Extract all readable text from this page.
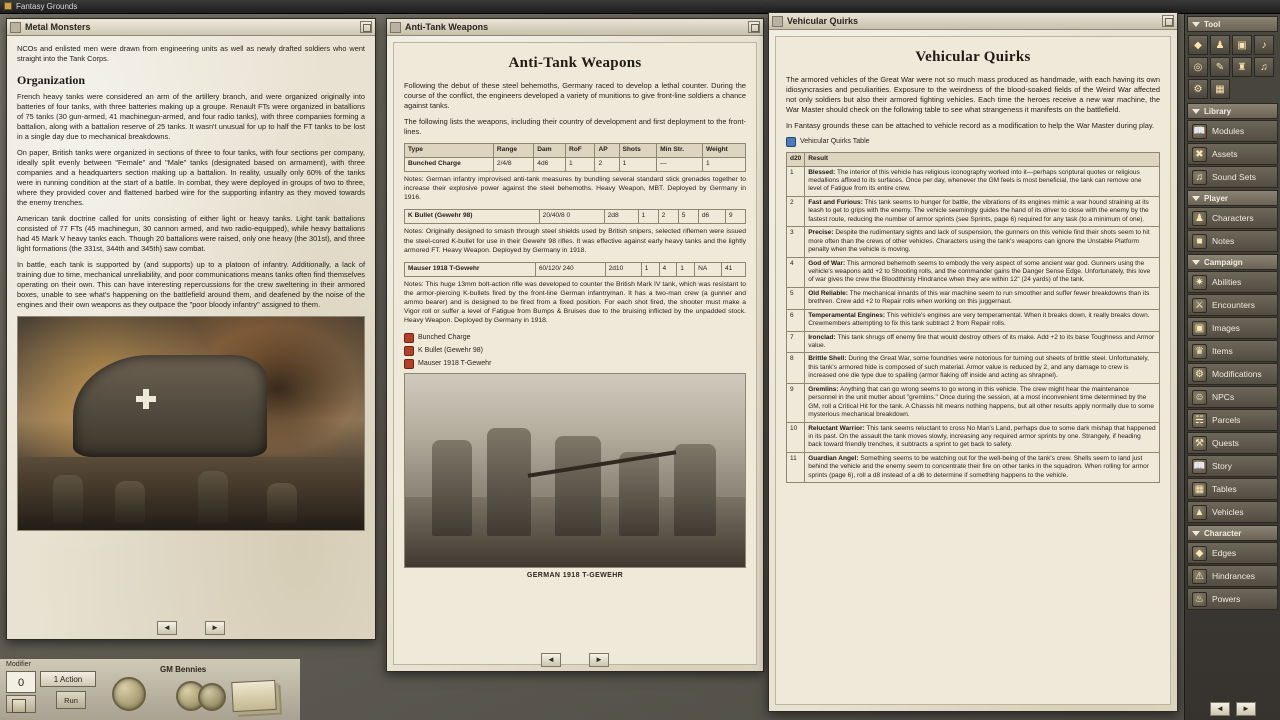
Fantasy Grounds
Metal Monsters

NCOs and enlisted men were drawn from engineering units as well as newly drafted soldiers who went straight into the Tank Corps.

Organization

French heavy tanks were considered an arm of the artillery branch, and were organized originally into batteries of four tanks, with three batteries making up a groupe. Renault FTs were organized in batallions of 75 tanks (30 gun-armed, 41 machinegun-armed, and four radio tanks), with three companies forming a battalion, along with a battalion reserve of 25 tanks. It wasn't unusual for up to half the FT tanks to be lost in a single day due to mechanical breakdowns.

On paper, British tanks were organized in sections of three to four tanks, with four sections per company, ideally split evenly between "Female" and "Male" tanks (designated based on armament), with three companies and a headquarters section making up a battalion. In reality, usually only 60% of the tanks were in running condition at the start of a battle. In combat, they were deployed in groups of two to three, where they provided cover and flattened barbed wire for the supporting infantry as they moved towards the enemy trenches.

American tank doctrine called for units consisting of either light or heavy tanks. Light tank battalions consisted of 77 FTs (45 machinegun, 30 cannon armed, and two radio-equipped), while heavy battalions had 45 Mark V heavy tanks each. Though 20 battalions were raised, only one heavy (the 301st), and three light formations (the 331st, 344th and 345th) saw combat.

In battle, each tank is supported by (and supports) up to a platoon of infantry. Additionally, a lack of training due to time, mechanical unreliability, and poor communications means tanks often find themselves operating on their own. This can have interesting repercussions for the crew sweltering in their armored boxes, unable to see what's happening on the battlefield around them, and deafened by the noise of the engines and their own weapons as they outpace the "poor bloody infantry" assigned to them.

◄	►
Anti-Tank Weapons
Anti-Tank Weapons

Following the debut of these steel behemoths, Germany raced to develop a lethal counter. During the course of the conflict, the engineers developed a variety of munitions to give front-line soldiers a chance against tanks.

The following lists the weapons, including their country of development and first deployment to the front-lines.

Type	Range	Dam	RoF	AP	Shots	Min Str.	Weight
Bunched Charge	2/4/8	4d6	1	2	1	—	1
Notes: German infantry improvised anti-tank measures by bundling several standard stick grenades together to increase their explosive power against the steel behemoths. Heavy Weapon, MBT. Deployed by Germany in 1916.
K Bullet (Gewehr 98)	20/40/8 0	2d8	1	2	5	d6	9
Notes: Originally designed to smash through steel shields used by British snipers, selected riflemen were issued the steel-cored K-bullet for use in their Gewehr 98 rifles. It was effective against early heavy tanks and the lightly armored FT. Heavy Weapon. Deployed by Germany in 1918.
Mauser 1918 T-Gewehr	60/120/ 240	2d10	1	4	1	NA	41
Notes: This huge 13mm bolt-action rifle was developed to counter the British Mark IV tank, which was resistant to the armor-piercing K-bullets fired by the front-line German infantryman. It has a two-man crew (a gunner and ammo bearer) and is designed to be fired from a fixed position. For each shot fired, the shooter must make a Vigor roll or suffer a level of Fatigue from Bumps & Bruises due to the bruising inflicted by the unpadded stock. Heavy Weapon. Deployed by Germany in 1918.
Bunched Charge
K Bullet (Gewehr 98)
Mauser 1918 T-Gewehr
GERMAN 1918 T-GEWEHR
◄	►
Vehicular Quirks
Vehicular Quirks

The armored vehicles of the Great War were not so much mass produced as handmade, with each having its own idiosyncrasies and peculiarities. Exposure to the weirdness of the blood-soaked fields of the Weird War affected not only soldiers but also their armored fighting vehicles. Each time the heroes receive a new war machine, the War Master should check on the following table to see what strangeness it manifests on the battlefield.

In Fantasy grounds these can be attached to vehicle record as a modification to help the War Master during play.

Vehicular Quirks Table
d20	Result
1	Blessed: The interior of this vehicle has religious iconography worked into it—perhaps scriptural quotes or religious medallions affixed to its surfaces. Once per day, whenever the GM feels is most beneficial, the tank can remove one level of Fatigue from its entire crew.
2	Fast and Furious: This tank seems to hunger for battle, the vibrations of its engines mimic a war hound straining at its leash to get to grips with the enemy. The vehicle seemingly guides the hand of its driver to close with the enemy by the fastest route, reducing the number of armor sprints (see Sprints, page 6) required for any task (to a minimum of one).
3	Precise: Despite the rudimentary sights and lack of suspension, the gunners on this vehicle find their shots seem to hit more often than the crews of other vehicles. Characters using the tank's weapons can ignore the Unstable Platform penalty when the vehicle is moving.
4	God of War: This armored behemoth seems to embody the very aspect of some ancient war god. Gunners using the vehicle's weapons add +2 to Shooting rolls, and the commander gains the Danger Sense Edge. Unfortunately, this love of war gives the crew the Bloodthirsty Hindrance when they are within 12" (24 yards) of the tank.
5	Old Reliable: The mechanical innards of this war machine seem to run smoother and suffer fewer breakdowns than its brethren. Crew add +2 to Repair rolls when working on this juggernaut.
6	Temperamental Engines: This vehicle's engines are very temperamental. When it breaks down, it really breaks down. Crewmembers attempting to fix this tank subtract 2 from Repair rolls.
7	Ironclad: This tank shrugs off enemy fire that would destroy others of its make. Add +2 to its base Toughness and Armor value.
8	Brittle Shell: During the Great War, some foundries were notorious for turning out sheets of brittle steel. Unfortunately, this tank's armored hide is composed of such material. Armor value is reduced by 2, and any damage to crew is increased one die type due to spalling (armor flaking off inside and acting as shrapnel).
9	Gremlins: Anything that can go wrong seems to go wrong in this vehicle. The crew might hear the maintenance personnel in the unit mutter about "gremlins." Once during the session, at a most inconvenient time determined by the GM, roll a Critical Hit for the tank. A Chassis hit means nothing happens, but all other results apply normally due to some mysterious mechanical breakdown.
10	Reluctant Warrior: This tank seems reluctant to cross No Man's Land, perhaps due to some dark mishap that happened in its past. On the assault the tank moves slowly, increasing any required armor sprints by one. Strangely, if heading back toward friendly trenches, it subtracts a sprint to get back to safety.
11	Guardian Angel: Something seems to be watching out for the well-being of the tank's crew. Shells seem to land just behind the vehicle and the enemy seem to concentrate their fire on other tanks in the squadron. When rolling for armor sprints (page 6), roll a d8 instead of a d6 to determine if something happens to the vehicle.
Tool
◆	♟	▣	♪
◎	✎	♜	♫
⚙	▦
Library
📖 Modules
✖ Assets
♫	Sound Sets
Player
♟ Characters
■	Notes
Campaign
✷ Abilities
⚔ Encounters
▣ Images
♛ Items
⚙ Modifications
☺ NPCs
☵ Parcels
⚒ Quests
📖 Story
▦ Tables
▲ Vehicles
Character
◆	Edges
⚠ Hindrances
♨ Powers
◄	►
Modifier
0	1 Action
Run
GM Bennies
